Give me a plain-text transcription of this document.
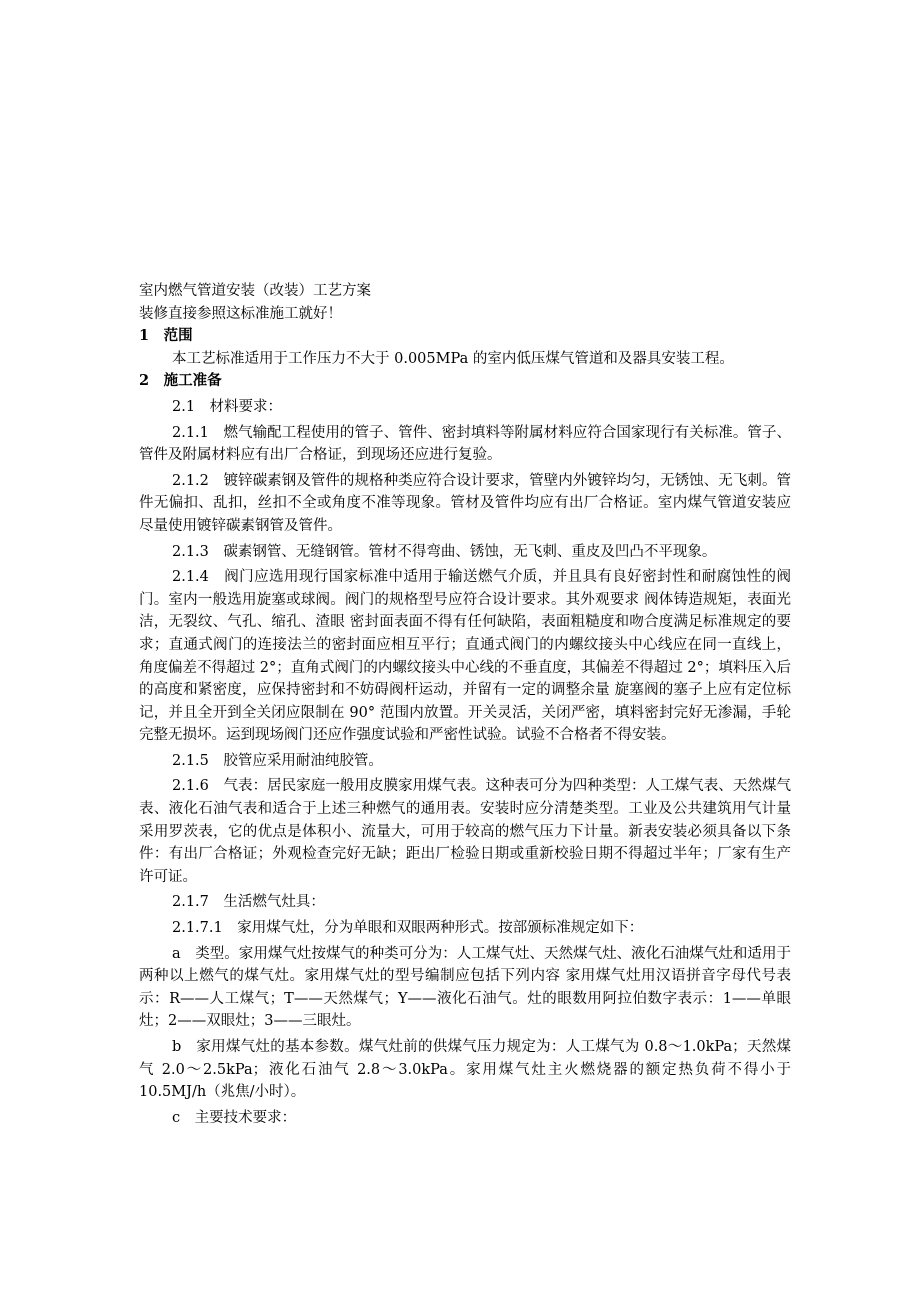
室内燃气管道安装（改装）工艺方案
装修直接参照这标准施工就好！
1　范围

本工艺标准适用于工作压力不大于 0.005MPa 的室内低压煤气管道和及器具安装工程。

2　施工准备

2.1　材料要求：

2.1.1　燃气输配工程使用的管子、管件、密封填料等附属材料应符合国家现行有关标准。管子、管件及附属材料应有出厂合格证，到现场还应进行复验。

2.1.2　镀锌碳素钢及管件的规格种类应符合设计要求，管壁内外镀锌均匀，无锈蚀、无飞刺。管件无偏扣、乱扣，丝扣不全或角度不准等现象。管材及管件均应有出厂合格证。室内煤气管道安装应尽量使用镀锌碳素钢管及管件。

2.1.3　碳素钢管、无缝钢管。管材不得弯曲、锈蚀，无飞刺、重皮及凹凸不平现象。

2.1.4　阀门应选用现行国家标准中适用于输送燃气介质，并且具有良好密封性和耐腐蚀性的阀门。室内一般选用旋塞或球阀。阀门的规格型号应符合设计要求。其外观要求 阀体铸造规矩，表面光洁，无裂纹、气孔、缩孔、渣眼 密封面表面不得有任何缺陷，表面粗糙度和吻合度满足标准规定的要求；直通式阀门的连接法兰的密封面应相互平行；直通式阀门的内螺纹接头中心线应在同一直线上，角度偏差不得超过 2°；直角式阀门的内螺纹接头中心线的不垂直度，其偏差不得超过 2°；填料压入后的高度和紧密度，应保持密封和不妨碍阀杆运动，并留有一定的调整余量 旋塞阀的塞子上应有定位标记，并且全开到全关闭应限制在 90° 范围内放置。开关灵活，关闭严密，填料密封完好无渗漏，手轮完整无损坏。运到现场阀门还应作强度试验和严密性试验。试验不合格者不得安装。

2.1.5　胶管应采用耐油纯胶管。

2.1.6　气表：居民家庭一般用皮膜家用煤气表。这种表可分为四种类型：人工煤气表、天然煤气表、液化石油气表和适合于上述三种燃气的通用表。安装时应分清楚类型。工业及公共建筑用气计量采用罗茨表，它的优点是体积小、流量大，可用于较高的燃气压力下计量。新表安装必须具备以下条件：有出厂合格证；外观检查完好无缺；距出厂检验日期或重新校验日期不得超过半年；厂家有生产许可证。

2.1.7　生活燃气灶具：

2.1.7.1　家用煤气灶，分为单眼和双眼两种形式。按部颁标准规定如下：

a　类型。家用煤气灶按煤气的种类可分为：人工煤气灶、天然煤气灶、液化石油煤气灶和适用于两种以上燃气的煤气灶。家用煤气灶的型号编制应包括下列内容 家用煤气灶用汉语拼音字母代号表示：R——人工煤气；T——天然煤气；Y——液化石油气。灶的眼数用阿拉伯数字表示：1——单眼灶；2——双眼灶；3——三眼灶。

b　家用煤气灶的基本参数。煤气灶前的供煤气压力规定为：人工煤气为 0.8～1.0kPa；天然煤气 2.0～2.5kPa；液化石油气 2.8～3.0kPa。家用煤气灶主火燃烧器的额定热负荷不得小于 10.5MJ/h（兆焦/小时）。

c　主要技术要求：
